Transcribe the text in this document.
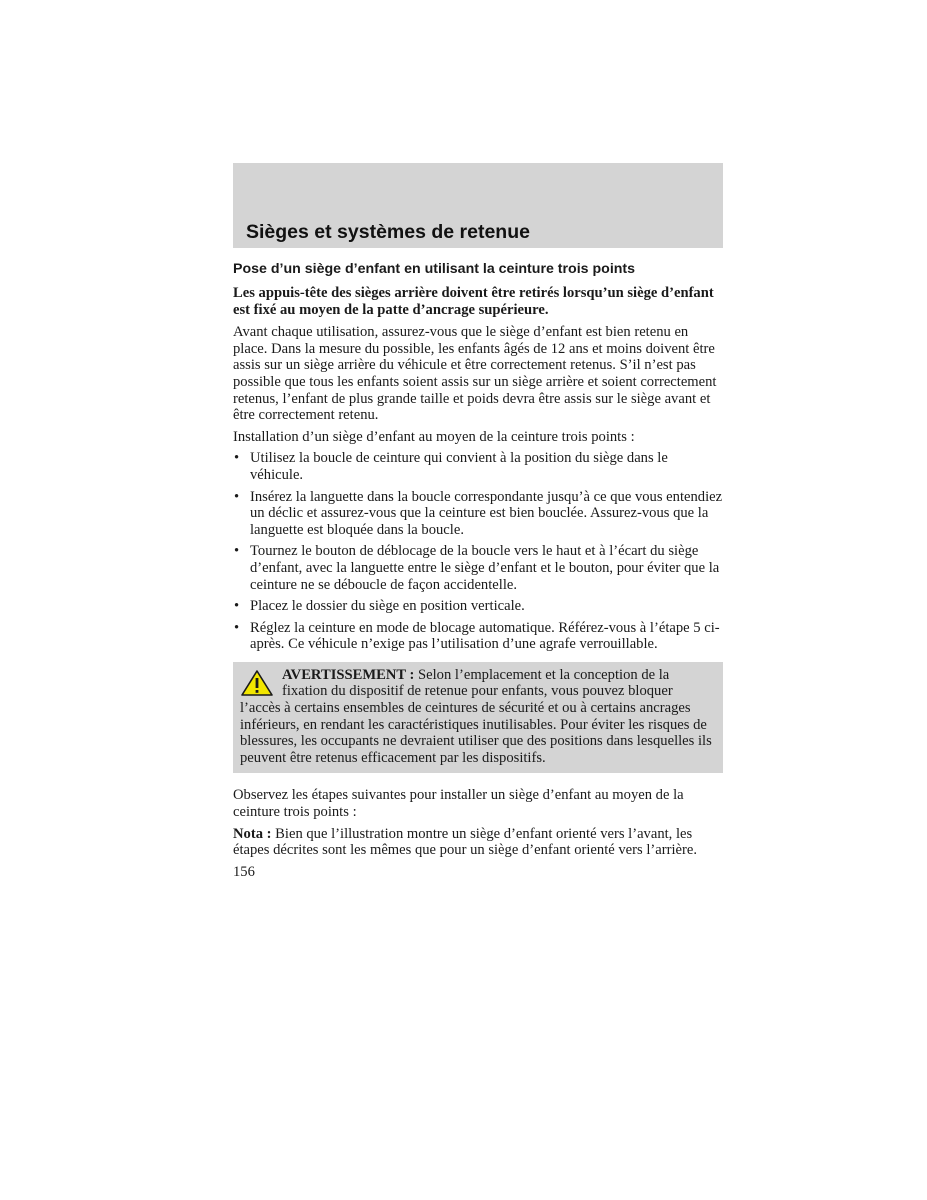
Sièges et systèmes de retenue
Pose d’un siège d’enfant en utilisant la ceinture trois points

Les appuis-tête des sièges arrière doivent être retirés lorsqu’un siège d’enfant est fixé au moyen de la patte d’ancrage supérieure.

Avant chaque utilisation, assurez-vous que le siège d’enfant est bien retenu en place. Dans la mesure du possible, les enfants âgés de 12 ans et moins doivent être assis sur un siège arrière du véhicule et être correctement retenus. S’il n’est pas possible que tous les enfants soient assis sur un siège arrière et soient correctement retenus, l’enfant de plus grande taille et poids devra être assis sur le siège avant et être correctement retenu.

Installation d’un siège d’enfant au moyen de la ceinture trois points :

• Utilisez la boucle de ceinture qui convient à la position du siège dans le véhicule.
• Insérez la languette dans la boucle correspondante jusqu’à ce que vous entendiez un déclic et assurez-vous que la ceinture est bien bouclée. Assurez-vous que la languette est bloquée dans la boucle.
• Tournez le bouton de déblocage de la boucle vers le haut et à l’écart du siège d’enfant, avec la languette entre le siège d’enfant et le bouton, pour éviter que la ceinture ne se déboucle de façon accidentelle.
• Placez le dossier du siège en position verticale.
• Réglez la ceinture en mode de blocage automatique. Référez-vous à l’étape 5 ci-après. Ce véhicule n’exige pas l’utilisation d’une agrafe verrouillable.
AVERTISSEMENT : Selon l’emplacement et la conception de la fixation du dispositif de retenue pour enfants, vous pouvez bloquer l’accès à certains ensembles de ceintures de sécurité et ou à certains ancrages inférieurs, en rendant les caractéristiques inutilisables. Pour éviter les risques de blessures, les occupants ne devraient utiliser que des positions dans lesquelles ils peuvent être retenus efficacement par les dispositifs.

Observez les étapes suivantes pour installer un siège d’enfant au moyen de la ceinture trois points :

Nota : Bien que l’illustration montre un siège d’enfant orienté vers l’avant, les étapes décrites sont les mêmes que pour un siège d’enfant orienté vers l’arrière.

156
